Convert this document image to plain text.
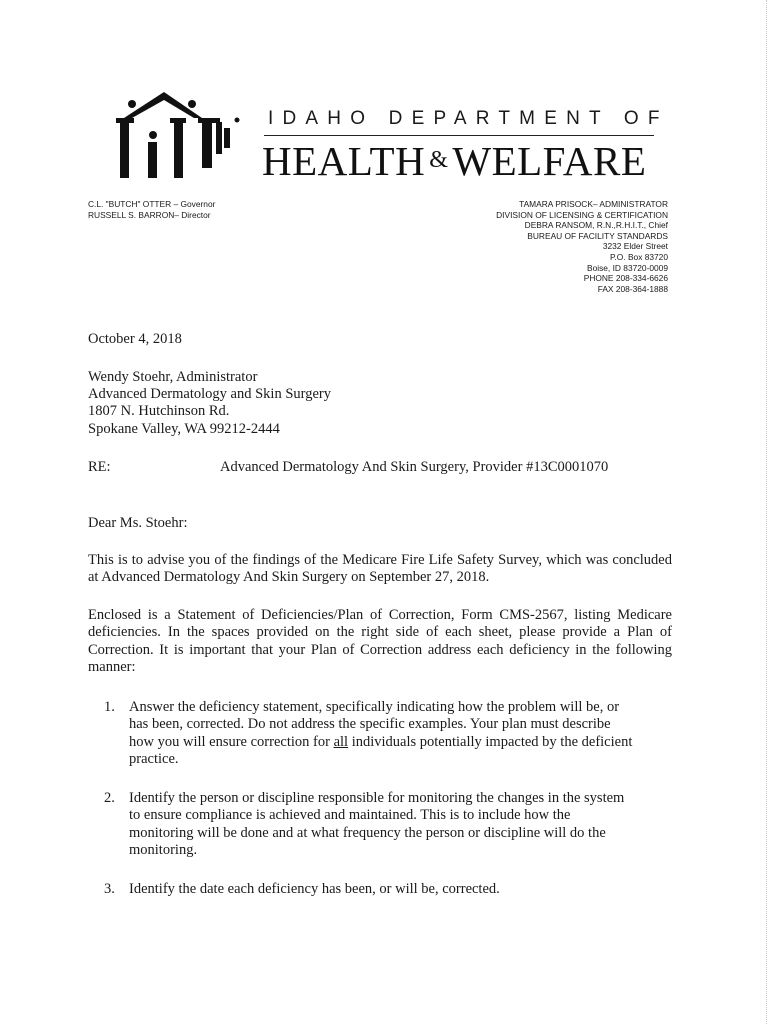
IDAHO DEPARTMENT OF
HEALTH &WELFARE
C.L. "BUTCH" OTTER – Governor
RUSSELL S. BARRON– Director
TAMARA PRISOCK– ADMINISTRATOR
DIVISION OF LICENSING & CERTIFICATION
DEBRA RANSOM, R.N.,R.H.I.T., Chief
BUREAU OF FACILITY STANDARDS
3232 Elder Street
P.O. Box 83720
Boise, ID 83720-0009
PHONE 208-334-6626
FAX 208-364-1888
October 4, 2018
Wendy Stoehr, Administrator
Advanced Dermatology and Skin Surgery
1807 N. Hutchinson Rd.
Spokane Valley, WA 99212-2444
RE:	Advanced Dermatology And Skin Surgery, Provider #13C0001070
Dear Ms. Stoehr:
This is to advise you of the findings of the Medicare Fire Life Safety Survey, which was concluded at Advanced Dermatology And Skin Surgery on September 27, 2018.
Enclosed is a Statement of Deficiencies/Plan of Correction, Form CMS-2567, listing Medicare deficiencies. In the spaces provided on the right side of each sheet, please provide a Plan of Correction. It is important that your Plan of Correction address each deficiency in the following manner:
1. Answer the deficiency statement, specifically indicating how the problem will be, or has been, corrected. Do not address the specific examples. Your plan must describe how you will ensure correction for all individuals potentially impacted by the deficient practice.
2. Identify the person or discipline responsible for monitoring the changes in the system to ensure compliance is achieved and maintained. This is to include how the monitoring will be done and at what frequency the person or discipline will do the monitoring.
3. Identify the date each deficiency has been, or will be, corrected.
